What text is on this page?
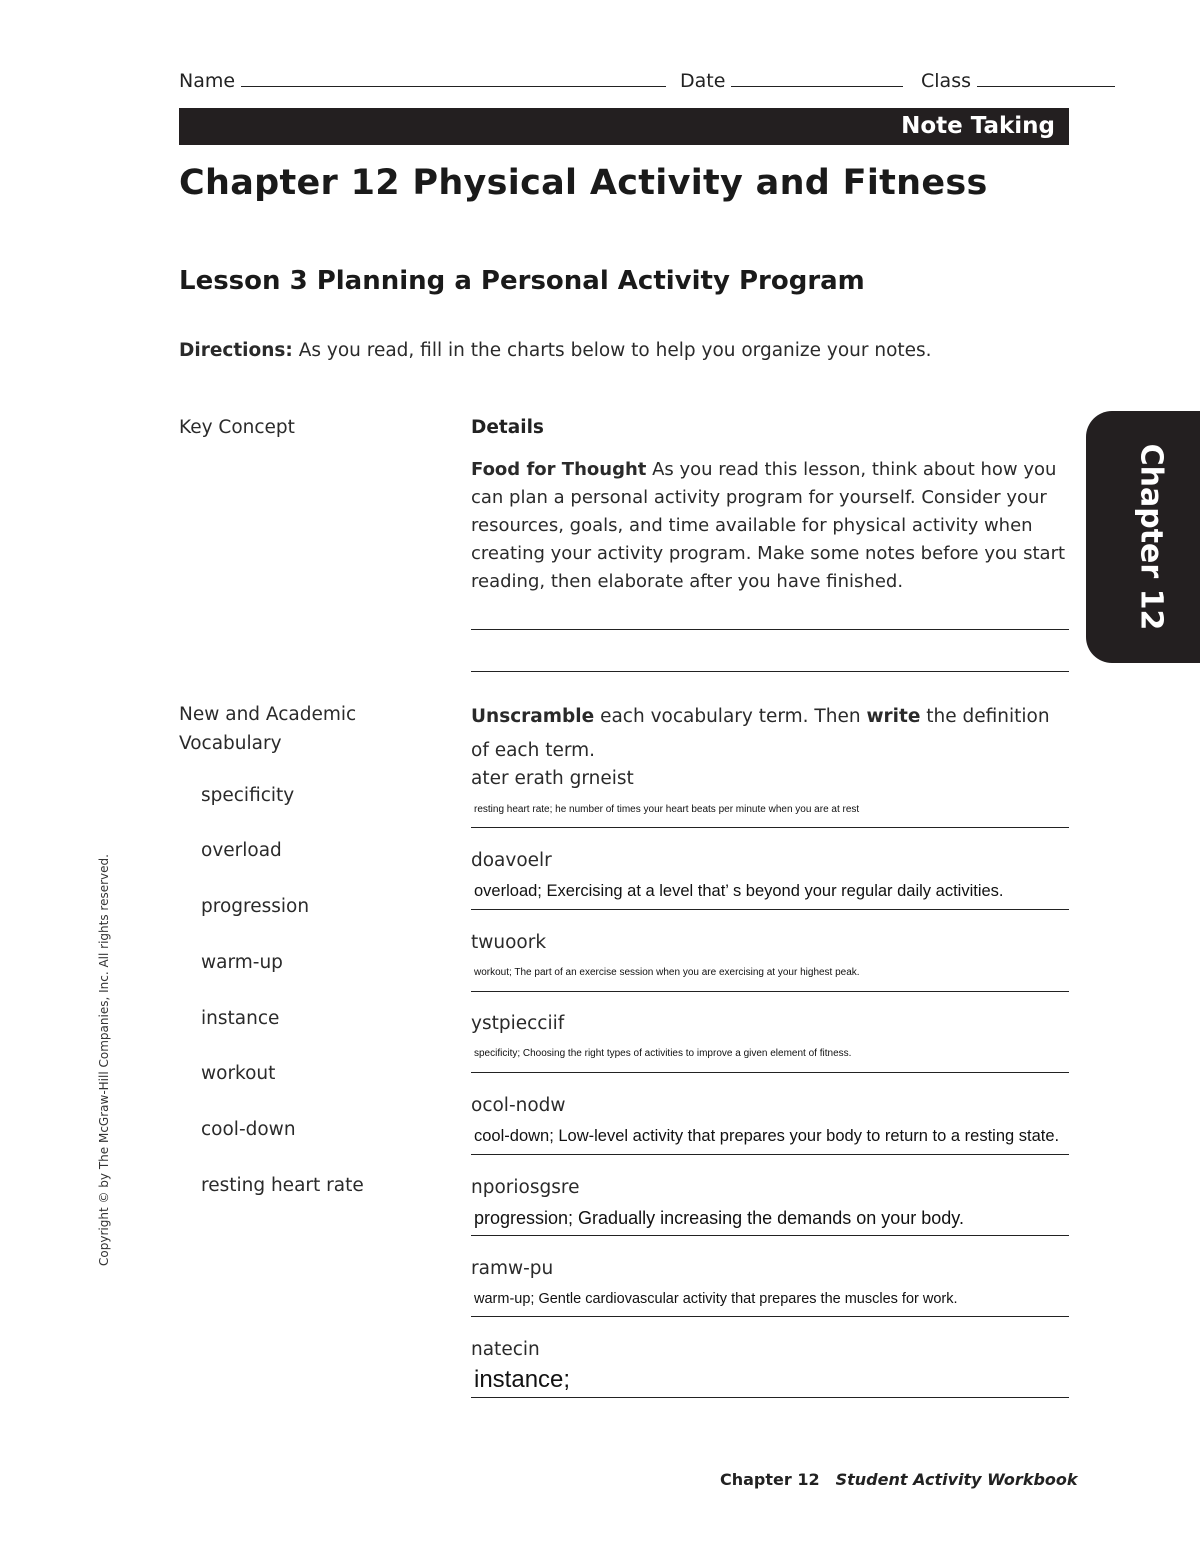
Name	Date	Class
Note Taking
Chapter 12 Physical Activity and Fitness
Lesson 3 Planning a Personal Activity Program
Directions: As you read, fill in the charts below to help you organize your notes.
Key Concept	Details
Food for Thought As you read this lesson, think about how you can plan a personal activity program for yourself. Consider your resources, goals, and time available for physical activity when creating your activity program. Make some notes before you start reading, then elaborate after you have finished.
New and Academic Vocabulary
specificity
overload
progression
warm-up
instance
workout
cool-down
resting heart rate
Unscramble each vocabulary term. Then write the definition of each term.
ater erath grneist
resting heart rate; he number of times your heart beats per minute when you are at rest
doavoelr
overload; Exercising at a level that’ s beyond your regular daily activities.
twuoork
workout; The part of an exercise session when you are exercising at your highest peak.
ystpiecciif
specificity; Choosing the right types of activities to improve a given element of fitness.
ocol-nodw
cool-down; Low-level activity that prepares your body to return to a resting state.
nporiosgsre
progression; Gradually increasing the demands on your body.
ramw-pu
warm-up; Gentle cardiovascular activity that prepares the muscles for work.
natecin
instance;
Chapter 12
Copyright © by The McGraw-Hill Companies, Inc. All rights reserved.
Chapter 12 Student Activity Workbook
